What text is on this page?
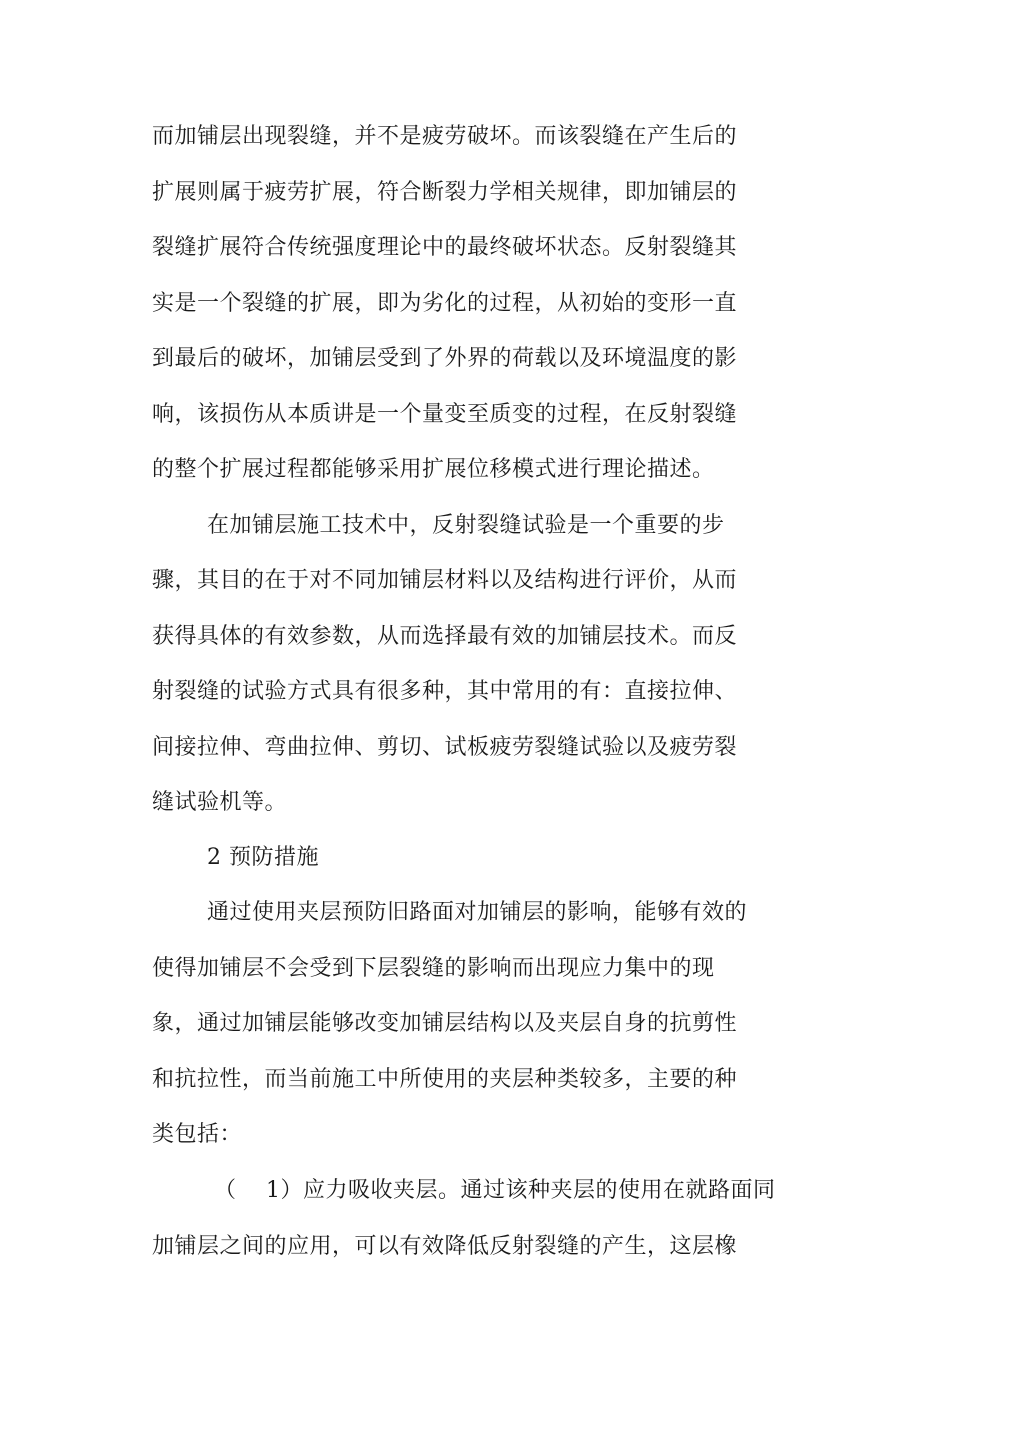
而加铺层出现裂缝，并不是疲劳破坏。而该裂缝在产生后的
扩展则属于疲劳扩展，符合断裂力学相关规律，即加铺层的
裂缝扩展符合传统强度理论中的最终破坏状态。反射裂缝其
实是一个裂缝的扩展，即为劣化的过程，从初始的变形一直
到最后的破坏，加铺层受到了外界的荷载以及环境温度的影
响，该损伤从本质讲是一个量变至质变的过程，在反射裂缝
的整个扩展过程都能够采用扩展位移模式进行理论描述。
在加铺层施工技术中，反射裂缝试验是一个重要的步
骤，其目的在于对不同加铺层材料以及结构进行评价，从而
获得具体的有效参数，从而选择最有效的加铺层技术。而反
射裂缝的试验方式具有很多种，其中常用的有：直接拉伸、
间接拉伸、弯曲拉伸、剪切、试板疲劳裂缝试验以及疲劳裂
缝试验机等。
2 预防措施
通过使用夹层预防旧路面对加铺层的影响，能够有效的
使得加铺层不会受到下层裂缝的影响而出现应力集中的现
象，通过加铺层能够改变加铺层结构以及夹层自身的抗剪性
和抗拉性，而当前施工中所使用的夹层种类较多，主要的种
类包括：
（ 1）应力吸收夹层。通过该种夹层的使用在就路面同
加铺层之间的应用，可以有效降低反射裂缝的产生，这层橡
